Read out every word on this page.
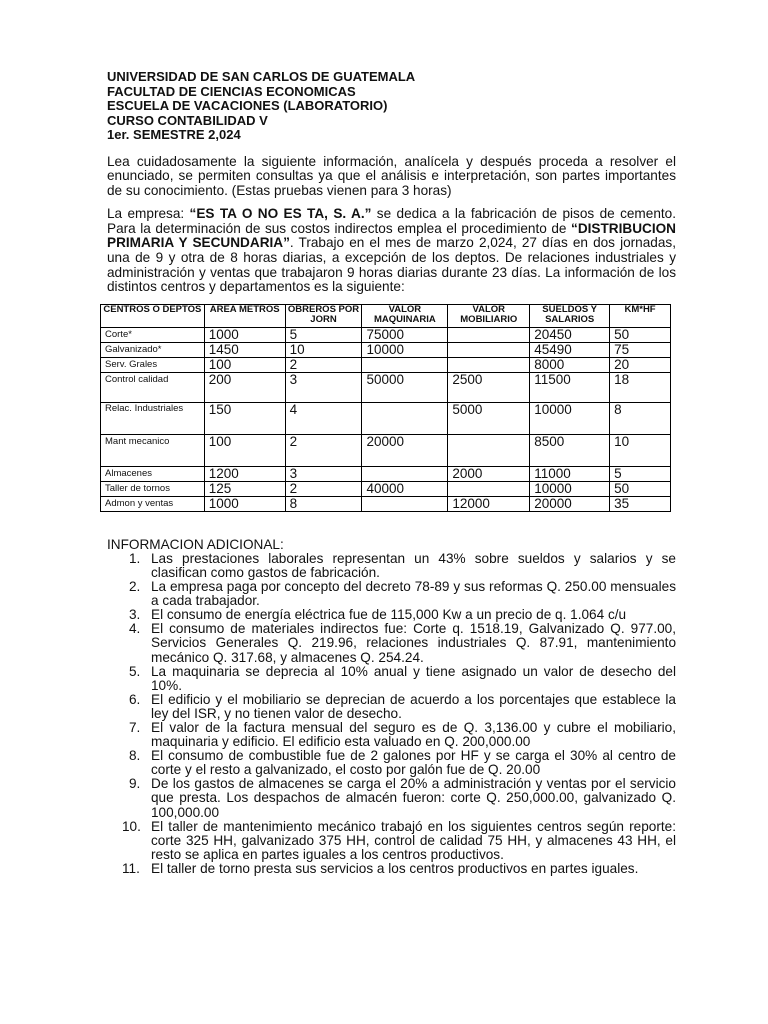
UNIVERSIDAD DE SAN CARLOS DE GUATEMALA

FACULTAD DE CIENCIAS ECONOMICAS

ESCUELA DE VACACIONES (LABORATORIO)

CURSO CONTABILIDAD V

1er. SEMESTRE 2,024

Lea cuidadosamente la siguiente información, analícela y después proceda a resolver el enunciado, se permiten consultas ya que el análisis e interpretación, son partes importantes de su conocimiento. (Estas pruebas vienen para 3 horas)

La empresa: “ES TA O NO ES TA, S. A.” se dedica a la fabricación de pisos de cemento. Para la determinación de sus costos indirectos emplea el procedimiento de “DISTRIBUCION PRIMARIA Y SECUNDARIA”. Trabajo en el mes de marzo 2,024, 27 días en dos jornadas, una de 9 y otra de 8 horas diarias, a excepción de los deptos. De relaciones industriales y administración y ventas que trabajaron 9 horas diarias durante 23 días. La información de los distintos centros y departamentos es la siguiente:

CENTROS O DEPTOS	AREA METROS	OBREROS POR JORN	VALOR MAQUINARIA	VALOR MOBILIARIO	SUELDOS Y SALARIOS	KM*HF
Corte*	1000	5	75000		20450	50
Galvanizado*	1450	10	10000		45490	75
Serv. Grales	100	2			8000	20
Control calidad	200	3	50000	2500	11500	18
Relac. Industriales	150	4		5000	10000	8
Mant mecanico	100	2	20000		8500	10
Almacenes	1200	3		2000	11000	5
Taller de tornos	125	2	40000		10000	50
Admon y ventas	1000	8		12000	20000	35

INFORMACION ADICIONAL:

1. Las prestaciones laborales representan un 43% sobre sueldos y salarios y se clasifican como gastos de fabricación.
2. La empresa paga por concepto del decreto 78-89 y sus reformas Q. 250.00 mensuales a cada trabajador.
3. El consumo de energía eléctrica fue de 115,000 Kw a un precio de q. 1.064 c/u
4. El consumo de materiales indirectos fue: Corte q. 1518.19, Galvanizado Q. 977.00, Servicios Generales Q. 219.96, relaciones industriales Q. 87.91, mantenimiento mecánico Q. 317.68, y almacenes Q. 254.24.
5. La maquinaria se deprecia al 10% anual y tiene asignado un valor de desecho del 10%.
6. El edificio y el mobiliario se deprecian de acuerdo a los porcentajes que establece la ley del ISR, y no tienen valor de desecho.
7. El valor de la factura mensual del seguro es de Q. 3,136.00 y cubre el mobiliario, maquinaria y edificio. El edificio esta valuado en Q. 200,000.00
8. El consumo de combustible fue de 2 galones por HF y se carga el 30% al centro de corte y el resto a galvanizado, el costo por galón fue de Q. 20.00
9. De los gastos de almacenes se carga el 20% a administración y ventas por el servicio que presta. Los despachos de almacén fueron: corte Q. 250,000.00, galvanizado Q. 100,000.00
10. El taller de mantenimiento mecánico trabajó en los siguientes centros según reporte: corte 325 HH, galvanizado 375 HH, control de calidad 75 HH, y almacenes 43 HH, el resto se aplica en partes iguales a los centros productivos.
11. El taller de torno presta sus servicios a los centros productivos en partes iguales.
